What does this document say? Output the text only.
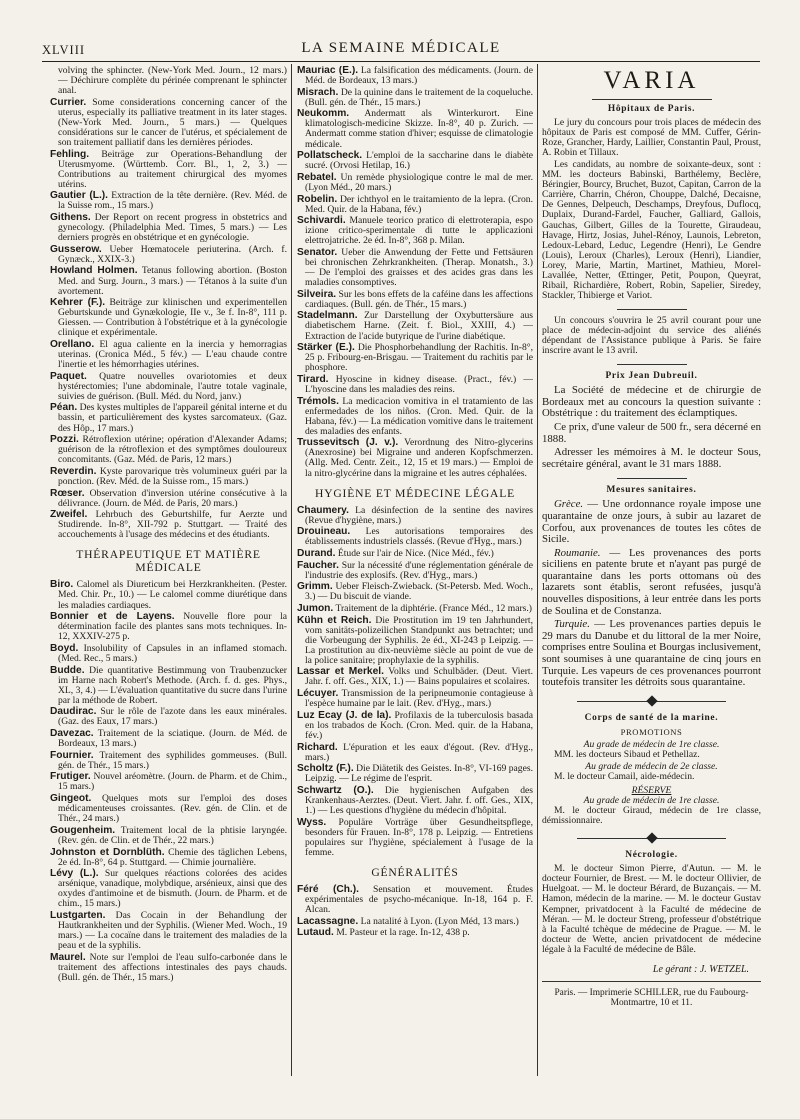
XLVIII	LA SEMAINE MÉDICALE
volving the sphincter. (New-York Med. Journ., 12 mars.) — Déchirure complète du périnée comprenant le sphincter anal.
Currier. Some considerations concerning cancer of the uterus, especially its palliative treatment in its later stages. (New-York Med. Journ., 5 mars.) — Quelques considérations sur le cancer de l'utérus, et spécialement de son traitement palliatif dans les dernières périodes.
Fehling. Beiträge zur Operations-Behandlung der Uterusmyome. (Württemb. Corr. Bl., 1, 2, 3.) — Contributions au traitement chirurgical des myomes utérins.
Gautier (L.). Extraction de la tête dernière. (Rev. Méd. de la Suisse rom., 15 mars.)
Githens. Der Report on recent progress in obstetrics and gynecology. (Philadelphia Med. Times, 5 mars.) — Les derniers progrès en obstétrique et en gynécologie.
Gusserow. Ueber Hœmatocele periuterina. (Arch. f. Gynæck., XXIX-3.)
Howland Holmen. Tetanus following abortion. (Boston Med. and Surg. Journ., 3 mars.) — Tétanos à la suite d'un avortement.
Kehrer (F.). Beiträge zur klinischen und experimentellen Geburtskunde und Gynækologie, IIe v., 3e f. In-8°, 111 p. Giessen. — Contribution à l'obstétrique et à la gynécologie clinique et expérimentale.
Orellano. El agua caliente en la inercia y hemorragias uterinas. (Cronica Méd., 5 fév.) — L'eau chaude contre l'inertie et les hémorrhagies utérines.
Paquet. Quatre nouvelles ovariotomies et deux hystérectomies; l'une abdominale, l'autre totale vaginale, suivies de guérison. (Bull. Méd. du Nord, janv.)
Péan. Des kystes multiples de l'appareil génital interne et du bassin, et particulièrement des kystes sarcomateux. (Gaz. des Hôp., 17 mars.)
Pozzi. Rétroflexion utérine; opération d'Alexander Adams; guérison de la rétroflexion et des symptômes douloureux concomitants. (Gaz. Méd. de Paris, 12 mars.)
Reverdin. Kyste parovarique très volumineux guéri par la ponction. (Rev. Méd. de la Suisse rom., 15 mars.)
Rœser. Observation d'inversion utérine consécutive à la délivrance. (Journ. de Méd. de Paris, 20 mars.)
Zweifel. Lehrbuch des Geburtshilfe, fur Aerzte und Studirende. In-8°, XII-792 p. Stuttgart. — Traité des accouchements à l'usage des médecins et des étudiants.
THÉRAPEUTIQUE ET MATIÈRE MÉDICALE
Biro. Calomel als Diureticum bei Herzkrankheiten. (Pester. Med. Chir. Pr., 10.) — Le calomel comme diurétique dans les maladies cardiaques.
Bonnier et de Layens. Nouvelle flore pour la détermination facile des plantes sans mots techniques. In-12, XXXIV-275 p.
Boyd. Insolubility of Capsules in an inflamed stomach. (Med. Rec., 5 mars.)
Budde. Die quantitative Bestimmung von Traubenzucker im Harne nach Robert's Methode. (Arch. f. d. ges. Phys., XL, 3, 4.) — L'évaluation quantitative du sucre dans l'urine par la méthode de Robert.
Daudirac. Sur le rôle de l'azote dans les eaux minérales. (Gaz. des Eaux, 17 mars.)
Davezac. Traitement de la sciatique. (Journ. de Méd. de Bordeaux, 13 mars.)
Fournier. Traitement des syphilides gommeuses. (Bull. gén. de Thér., 15 mars.)
Frutiger. Nouvel aréomètre. (Journ. de Pharm. et de Chim., 15 mars.)
Gingeot. Quelques mots sur l'emploi des doses médicamenteuses croissantes. (Rev. gén. de Clin. et de Thér., 24 mars.)
Gougenheim. Traitement local de la phtisie laryngée. (Rev. gén. de Clin. et de Thér., 22 mars.)
Johnston et Dornblüth. Chemie des täglichen Lebens, 2e éd. In-8°, 64 p. Stuttgard. — Chimie journalière.
Lévy (L.). Sur quelques réactions colorées des acides arsénique, vanadique, molybdique, arsénieux, ainsi que des oxydes d'antimoine et de bismuth. (Journ. de Pharm. et de chim., 15 mars.)
Lustgarten. Das Cocain in der Behandlung der Hautkrankheiten und der Syphilis. (Wiener Med. Woch., 19 mars.) — La cocaïne dans le traitement des maladies de la peau et de la syphilis.
Maurel. Note sur l'emploi de l'eau sulfo-carbonée dans le traitement des affections intestinales des pays chauds. (Bull. gén. de Thér., 15 mars.)
Mauriac (E.). La falsification des médicaments. (Journ. de Méd. de Bordeaux, 13 mars.)
Misrach. De la quinine dans le traitement de la coqueluche. (Bull. gén. de Thér., 15 mars.)
Neukomm. Andermatt als Winterkurort. Eine klimatologisch-medicine Skizze. In-8°, 40 p. Zurich. — Andermatt comme station d'hiver; esquisse de climatologie médicale.
Pollatscheck. L'emploi de la saccharine dans le diabète sucré. (Orvosi Hetilap, 16.)
Rebatel. Un remède physiologique contre le mal de mer. (Lyon Méd., 20 mars.)
Robelin. Der ichthyol en le traitamiento de la lepra. (Cron. Med. Quir. de la Habana, fév.)
Schivardi. Manuele teorico pratico di elettroterapia, espo izione critico-sperimentale di tutte le applicazioni elettrojatriche. 2e éd. In-8°, 368 p. Milan.
Senator. Ueber die Anwendung der Fette und Fettsäuren bei chronischen Zehrkrankheiten. (Therap. Monatsh., 3.) — De l'emploi des graisses et des acides gras dans les maladies consomptives.
Silveira. Sur les bons effets de la caféine dans les affections cardiaques. (Bull. gén. de Thér., 15 mars.)
Stadelmann. Zur Darstellung der Oxybuttersäure aus diabetischem Harne. (Zeit. f. Biol., XXIII, 4.) — Extraction de l'acide butyrique de l'urine diabétique.
Stärker (E.). Die Phosphorbehandlung der Rachitis. In-8°, 25 p. Fribourg-en-Brisgau. — Traitement du rachitis par le phosphore.
Tirard. Hyoscine in kidney disease. (Pract., fév.) — L'hyoscine dans les maladies des reins.
Trémols. La medicacion vomitiva in el tratamiento de las enfermedades de los niños. (Cron. Med. Quir. de la Habana, fév.) — La médication vomitive dans le traitement des maladies des enfants.
Trussevitsch (J. v.). Verordnung des Nitro-glycerins (Anexrosine) bei Migraine und anderen Kopfschmerzen. (Allg. Med. Centr. Zeit., 12, 15 et 19 mars.) — Emploi de la nitro-glycérine dans la migraine et les autres céphalées.
HYGIÈNE ET MÉDECINE LÉGALE
Chaumery. La désinfection de la sentine des navires (Revue d'hygiène, mars.)
Drouineau. Les autorisations temporaires des établissements industriels classés. (Revue d'Hyg., mars.)
Durand. Étude sur l'air de Nice. (Nice Méd., fév.)
Faucher. Sur la nécessité d'une réglementation générale de l'industrie des explosifs. (Rev. d'Hyg., mars.)
Grimm. Ueber Fleisch-Zwieback. (St-Petersb. Med. Woch., 3.) — Du biscuit de viande.
Jumon. Traitement de la diphtérie. (France Méd., 12 mars.)
Kühn et Reich. Die Prostitution im 19 ten Jahrhundert, vom sanitäts-polizeilichen Standpunkt aus betrachtet; und die Vorbeugung der Syphilis. 2e éd., XI-243 p Leipzig. — La prostitution au dix-neuvième siècle au point de vue de la police sanitaire; prophylaxie de la syphilis.
Lassar et Merkel. Volks und Schulbäder. (Deut. Viert. Jahr. f. off. Ges., XIX, 1.) — Bains populaires et scolaires.
Lécuyer. Transmission de la peripneumonie contagieuse à l'espèce humaine par le lait. (Rev. d'Hyg., mars.)
Luz Ecay (J. de la). Profilaxis de la tuberculosis basada en los trabados de Koch. (Cron. Med. quir. de la Habana, fév.)
Richard. L'épuration et les eaux d'égout. (Rev. d'Hyg., mars.)
Scholtz (F.). Die Diätetik des Geistes. In-8°, VI-169 pages. Leipzig. — Le régime de l'esprit.
Schwartz (O.). Die hygienischen Aufgaben des Krankenhaus-Aerztes. (Deut. Viert. Jahr. f. off. Ges., XIX, 1.) — Les questions d'hygiène du médecin d'hôpital.
Wyss. Populäre Vorträge über Gesundheitspflege, besonders für Frauen. In-8°, 178 p. Leipzig. — Entretiens populaires sur l'hygiène, spécialement à l'usage de la femme.
GÉNÉRALITÉS
Féré (Ch.). Sensation et mouvement. Études expérimentales de psycho-mécanique. In-18, 164 p. F. Alcan.
Lacassagne. La natalité à Lyon. (Lyon Méd, 13 mars.)
Lutaud. M. Pasteur et la rage. In-12, 438 p.
VARIA
Hôpitaux de Paris.

Le jury du concours pour trois places de médecin des hôpitaux de Paris est composé de MM. Cuffer, Gérin-Roze, Grancher, Hardy, Laillier, Constantin Paul, Proust, A. Robin et Tillaux.

Les candidats, au nombre de soixante-deux, sont : MM. les docteurs Babinski, Barthélemy, Beclère, Béringier, Bourcy, Bruchet, Buzot, Capitan, Carron de la Carrière, Charrin, Chéron, Chouppe, Dalché, Decaisne, De Gennes, Delpeuch, Deschamps, Dreyfous, Duflocq, Duplaix, Durand-Fardel, Faucher, Galliard, Gallois, Gauchas, Gilbert, Gilles de la Tourette, Giraudeau, Havage, Hirtz, Josias, Juhel-Rénoy, Launois, Lebreton, Ledoux-Lebard, Leduc, Legendre (Henri), Le Gendre (Louis), Leroux (Charles), Leroux (Henri), Liandier, Lorey, Marie, Martin, Martinet, Mathieu, Morel-Lavallée, Netter, Œttinger, Petit, Poupon, Queyrat, Ribail, Richardière, Robert, Robin, Sapelier, Siredey, Stackler, Thibierge et Variot.

Un concours s'ouvrira le 25 avril courant pour une place de médecin-adjoint du service des aliénés dépendant de l'Assistance publique à Paris. Se faire inscrire avant le 13 avril.

Prix Jean Dubreuil.

La Société de médecine et de chirurgie de Bordeaux met au concours la question suivante : Obstétrique : du traitement des éclamptiques.

Ce prix, d'une valeur de 500 fr., sera décerné en 1888.

Adresser les mémoires à M. le docteur Sous, secrétaire général, avant le 31 mars 1888.

Mesures sanitaires.

Grèce. — Une ordonnance royale impose une quarantaine de onze jours, à subir au lazaret de Corfou, aux provenances de toutes les côtes de Sicile.

Roumanie. — Les provenances des ports siciliens en patente brute et n'ayant pas purgé de quarantaine dans les ports ottomans où des lazarets sont établis, seront refusées, jusqu'à nouvelles dispositions, à leur entrée dans les ports de Soulina et de Constanza.

Turquie. — Les provenances parties depuis le 29 mars du Danube et du littoral de la mer Noire, comprises entre Soulina et Bourgas inclusivement, sont soumises à une quarantaine de cinq jours en Turquie. Les vapeurs de ces provenances pourront toutefois transiter les détroits sous quarantaine.

Corps de santé de la marine.
PROMOTIONS
Au grade de médecin de 1re classe.

MM. les docteurs Sibaud et Pethellaz.

Au grade de médecin de 2e classe.

M. le docteur Camail, aide-médecin.

RÉSERVE
Au grade de médecin de 1re classe.

M. le docteur Giraud, médecin de 1re classe, démissionnaire.

Nécrologie.

M. le docteur Simon Pierre, d'Autun. — M. le docteur Fournier, de Brest. — M. le docteur Ollivier, de Huelgoat. — M. le docteur Bérard, de Buzançais. — M. Hamon, médecin de la marine. — M. le docteur Gustav Kempner, privatdocent à la Faculté de médecine de Méran. — M. le docteur Streng, professeur d'obstétrique à la Faculté tchèque de médecine de Prague. — M. le docteur de Wette, ancien privatdocent de médecine légale à la Faculté de médecine de Bâle.

Le gérant : J. WETZEL.
Paris. — Imprimerie SCHILLER, rue du Faubourg-Montmartre, 10 et 11.
